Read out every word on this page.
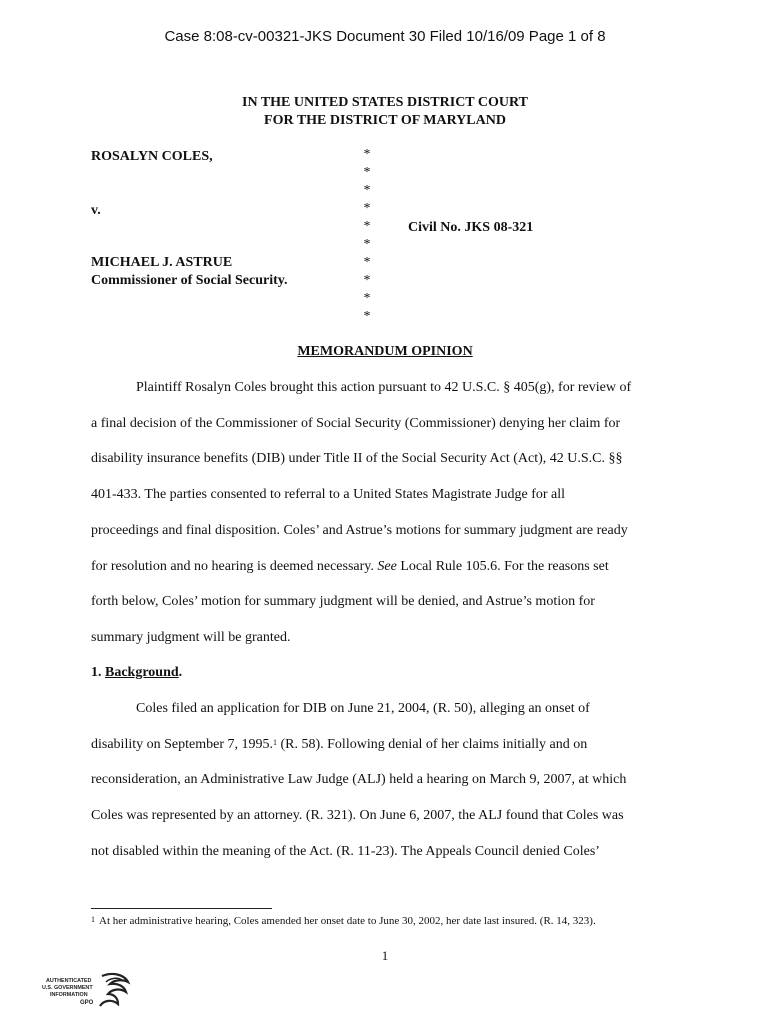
Case 8:08-cv-00321-JKS Document 30 Filed 10/16/09 Page 1 of 8
IN THE UNITED STATES DISTRICT COURT
FOR THE DISTRICT OF MARYLAND
ROSALYN COLES,
v.
MICHAEL J. ASTRUE
Commissioner of Social Security.
*
*
*
*
*
*
*
*
*
*
Civil No. JKS 08-321
MEMORANDUM OPINION

Plaintiff Rosalyn Coles brought this action pursuant to 42 U.S.C. § 405(g), for review of

a final decision of the Commissioner of Social Security (Commissioner) denying her claim for

disability insurance benefits (DIB) under Title II of the Social Security Act (Act), 42 U.S.C. §§

401-433. The parties consented to referral to a United States Magistrate Judge for all

proceedings and final disposition. Coles’ and Astrue’s motions for summary judgment are ready

for resolution and no hearing is deemed necessary. See Local Rule 105.6. For the reasons set

forth below, Coles’ motion for summary judgment will be denied, and Astrue’s motion for

summary judgment will be granted.

1. Background.

Coles filed an application for DIB on June 21, 2004, (R. 50), alleging an onset of

disability on September 7, 1995.$^1$ (R. 58). Following denial of her claims initially and on

reconsideration, an Administrative Law Judge (ALJ) held a hearing on March 9, 2007, at which

Coles was represented by an attorney. (R. 321). On June 6, 2007, the ALJ found that Coles was

not disabled within the meaning of the Act. (R. 11-23). The Appeals Council denied Coles’

$^1$ At her administrative hearing, Coles amended her onset date to June 30, 2002, her date last insured. (R. 14, 323).
1
AUTHENTICATED
U.S. GOVERNMENT
INFORMATION
GPO
